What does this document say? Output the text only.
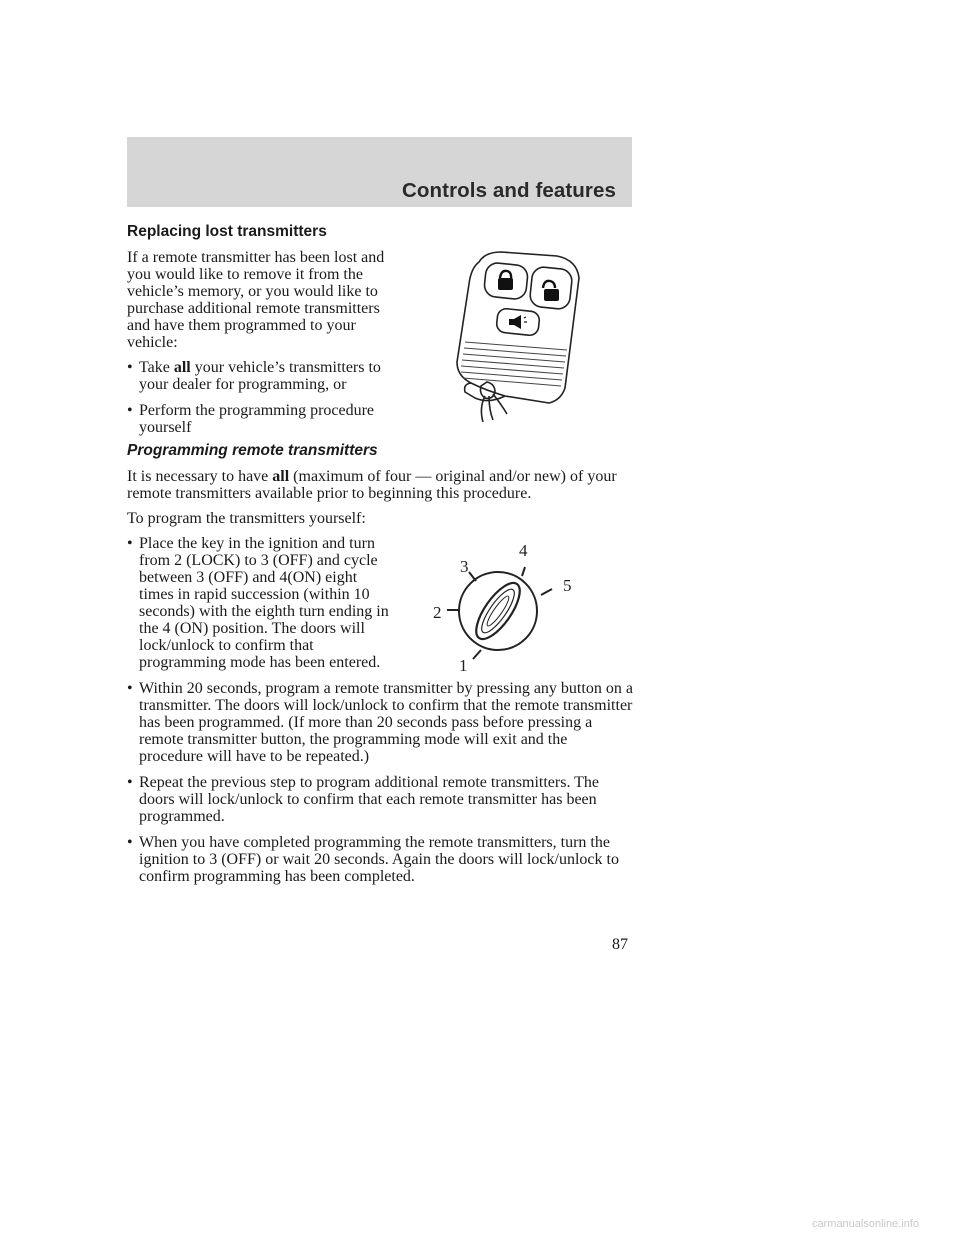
Controls and features
1
2
3
4
5
Replacing lost transmitters

If a remote transmitter has been lost and you would like to remove it from the vehicle’s memory, or you would like to purchase additional remote transmitters and have them programmed to your vehicle:

• Take all your vehicle’s transmitters to your dealer for programming, or
• Perform the programming procedure yourself
Programming remote transmitters

It is necessary to have all (maximum of four — original and/or new) of your remote transmitters available prior to beginning this procedure.

To program the transmitters yourself:

• Place the key in the ignition and turn from 2 (LOCK) to 3 (OFF) and cycle between 3 (OFF) and 4(ON) eight times in rapid succession (within 10 seconds) with the eighth turn ending in the 4 (ON) position. The doors will lock/unlock to confirm that programming mode has been entered.
• Within 20 seconds, program a remote transmitter by pressing any button on a transmitter. The doors will lock/unlock to confirm that the remote transmitter has been programmed. (If more than 20 seconds pass before pressing a remote transmitter button, the programming mode will exit and the procedure will have to be repeated.)
• Repeat the previous step to program additional remote transmitters. The doors will lock/unlock to confirm that each remote transmitter has been programmed.
• When you have completed programming the remote transmitters, turn the ignition to 3 (OFF) or wait 20 seconds. Again the doors will lock/unlock to confirm programming has been completed.
87
carmanualsonline.info
